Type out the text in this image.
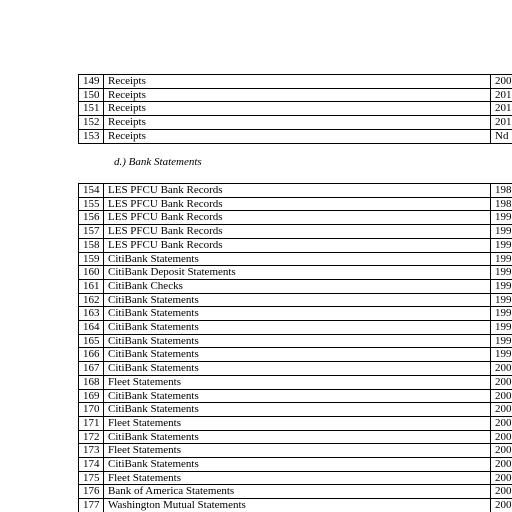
149	Receipts	200
150	Receipts	201
151	Receipts	201
152	Receipts	201
153	Receipts	Nd
d.) Bank Statements
154	LES PFCU Bank Records	198
155	LES PFCU Bank Records	198
156	LES PFCU Bank Records	199
157	LES PFCU Bank Records	199
158	LES PFCU Bank Records	199
159	CitiBank Statements	199
160	CitiBank Deposit Statements	199
161	CitiBank Checks	199
162	CitiBank Statements	199
163	CitiBank Statements	199
164	CitiBank Statements	199
165	CitiBank Statements	199
166	CitiBank Statements	199
167	CitiBank Statements	200
168	Fleet Statements	200
169	CitiBank Statements	200
170	CitiBank Statements	200
171	Fleet Statements	200
172	CitiBank Statements	200
173	Fleet Statements	200
174	CitiBank Statements	200
175	Fleet Statements	200
176	Bank of America Statements	200
177	Washington Mutual Statements	200
